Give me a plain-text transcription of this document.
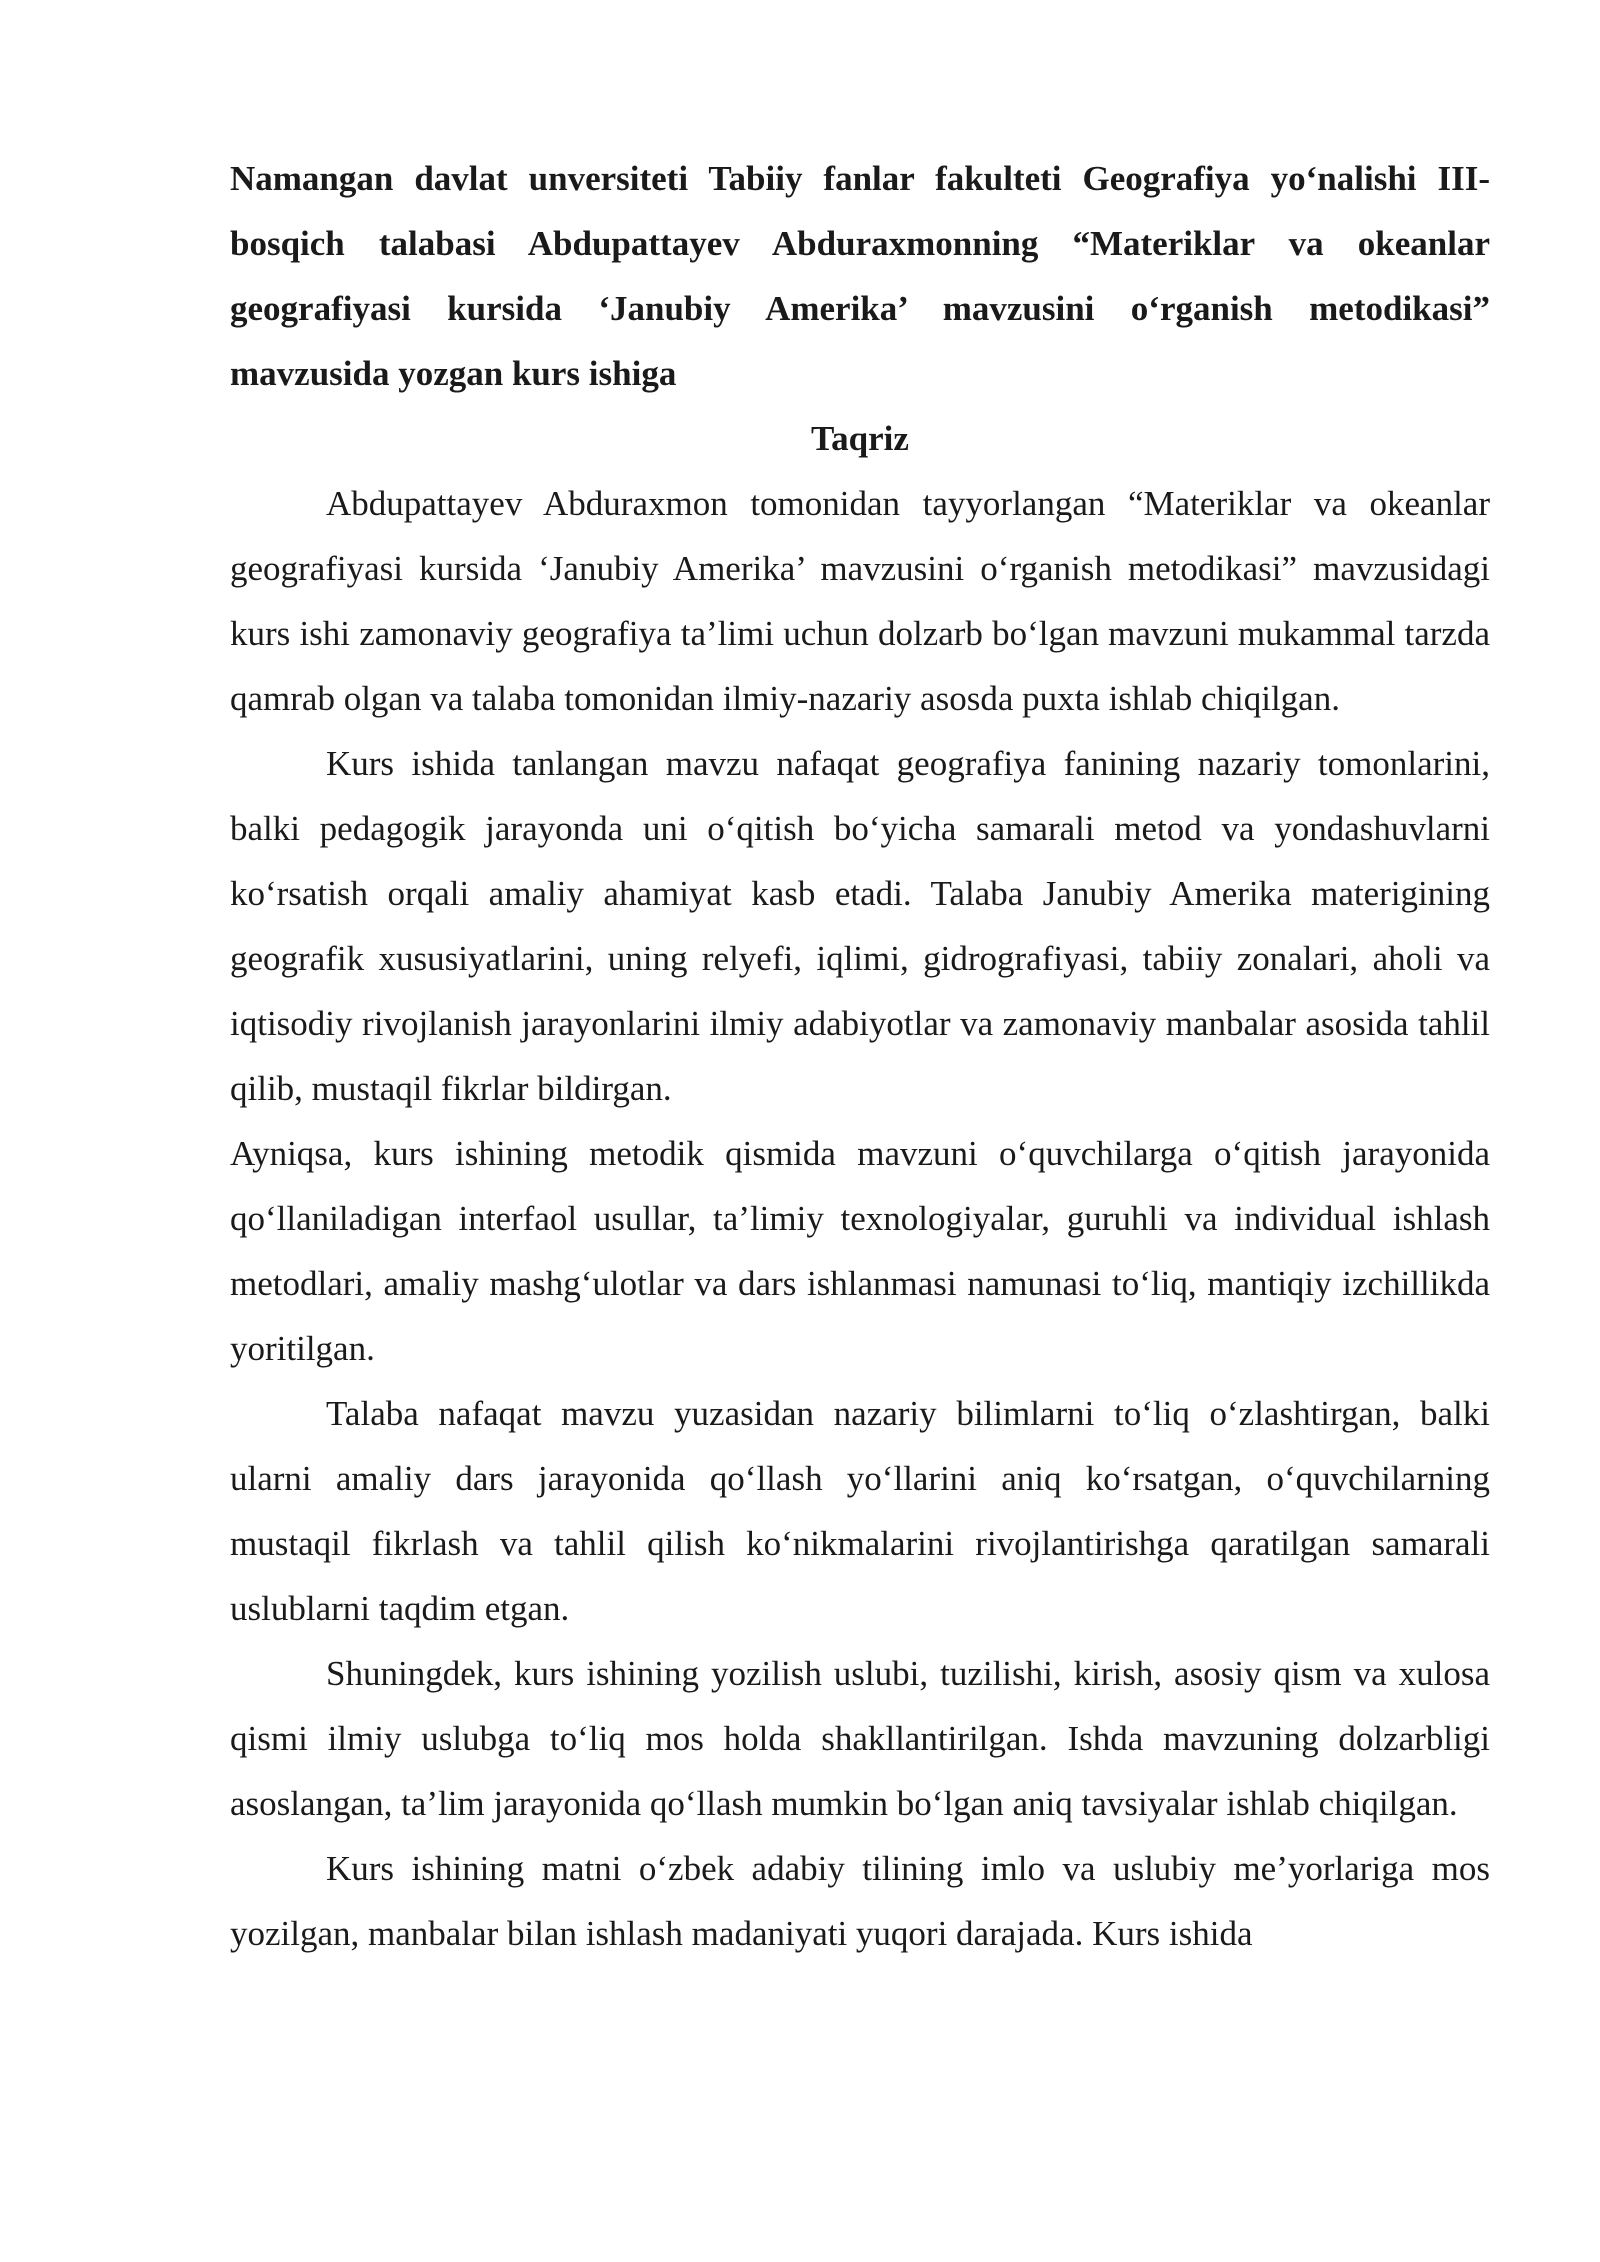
Namangan davlat unversiteti Tabiiy fanlar fakulteti Geografiya yo‘nalishi III-bosqich talabasi Abdupattayev Abduraxmonning “Materiklar va okeanlar geografiyasi kursida ‘Janubiy Amerika’ mavzusini o‘rganish metodikasi” mavzusida yozgan kurs ishiga

Taqriz

Abdupattayev Abduraxmon tomonidan tayyorlangan “Materiklar va okeanlar geografiyasi kursida ‘Janubiy Amerika’ mavzusini o‘rganish metodikasi” mavzusidagi kurs ishi zamonaviy geografiya ta’limi uchun dolzarb bo‘lgan mavzuni mukammal tarzda qamrab olgan va talaba tomonidan ilmiy-nazariy asosda puxta ishlab chiqilgan.

Kurs ishida tanlangan mavzu nafaqat geografiya fanining nazariy tomonlarini, balki pedagogik jarayonda uni o‘qitish bo‘yicha samarali metod va yondashuvlarni ko‘rsatish orqali amaliy ahamiyat kasb etadi. Talaba Janubiy Amerika materigining geografik xususiyatlarini, uning relyefi, iqlimi, gidrografiyasi, tabiiy zonalari, aholi va iqtisodiy rivojlanish jarayonlarini ilmiy adabiyotlar va zamonaviy manbalar asosida tahlil qilib, mustaqil fikrlar bildirgan.

Ayniqsa, kurs ishining metodik qismida mavzuni o‘quvchilarga o‘qitish jarayonida qo‘llaniladigan interfaol usullar, ta’limiy texnologiyalar, guruhli va individual ishlash metodlari, amaliy mashg‘ulotlar va dars ishlanmasi namunasi to‘liq, mantiqiy izchillikda yoritilgan.

Talaba nafaqat mavzu yuzasidan nazariy bilimlarni to‘liq o‘zlashtirgan, balki ularni amaliy dars jarayonida qo‘llash yo‘llarini aniq ko‘rsatgan, o‘quvchilarning mustaqil fikrlash va tahlil qilish ko‘nikmalarini rivojlantirishga qaratilgan samarali uslublarni taqdim etgan.

Shuningdek, kurs ishining yozilish uslubi, tuzilishi, kirish, asosiy qism va xulosa qismi ilmiy uslubga to‘liq mos holda shakllantirilgan. Ishda mavzuning dolzarbligi asoslangan, ta’lim jarayonida qo‘llash mumkin bo‘lgan aniq tavsiyalar ishlab chiqilgan.

Kurs ishining matni o‘zbek adabiy tilining imlo va uslubiy me’yorlariga mos yozilgan, manbalar bilan ishlash madaniyati yuqori darajada. Kurs ishida
